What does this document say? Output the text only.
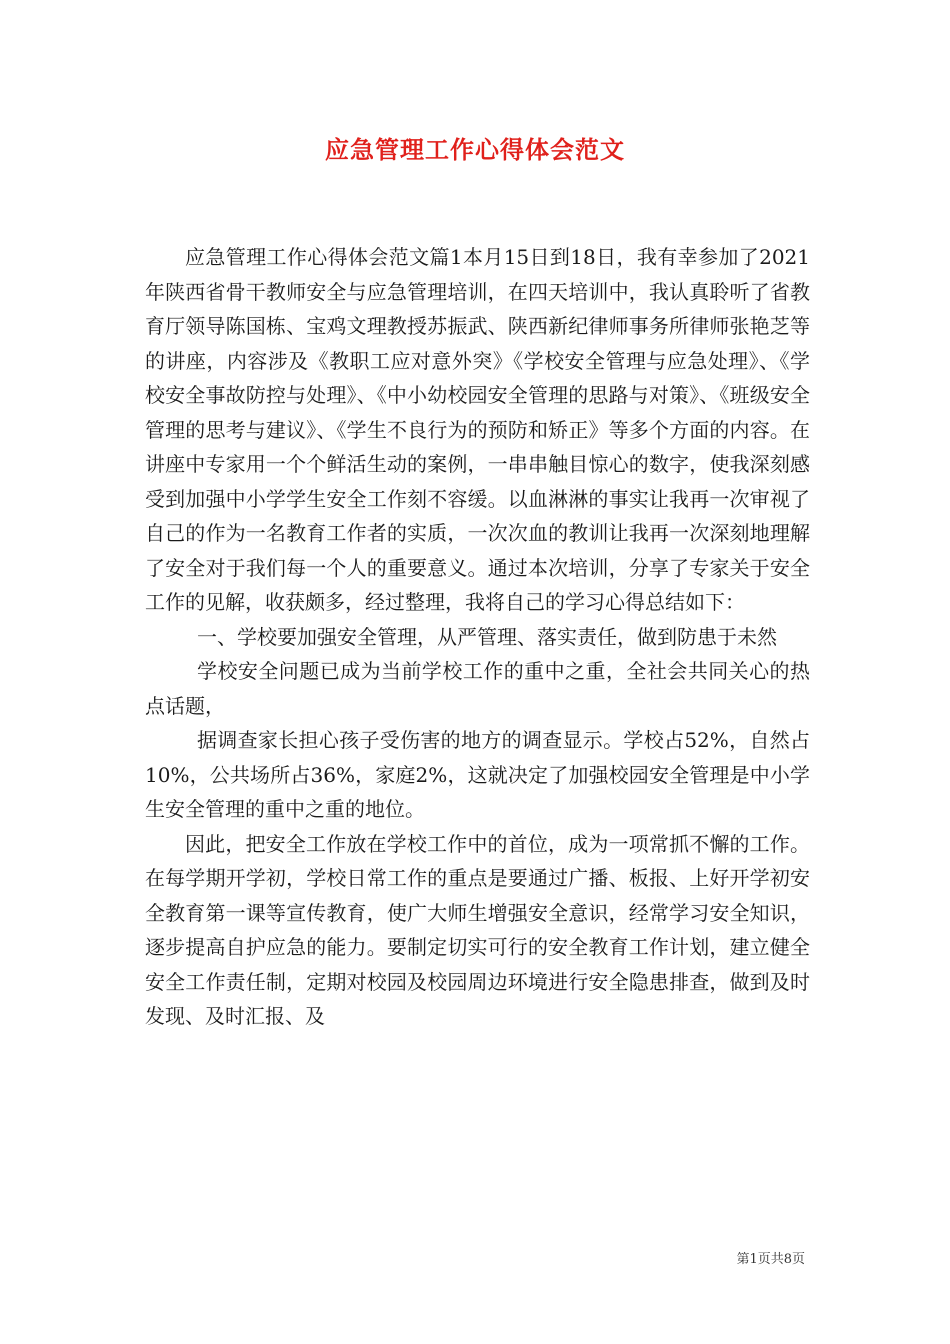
应急管理工作心得体会范文

应急管理工作心得体会范文篇1本月15日到18日，我有幸参加了2021年陕西省骨干教师安全与应急管理培训，在四天培训中，我认真聆听了省教育厅领导陈国栋、宝鸡文理教授苏振武、陕西新纪律师事务所律师张艳芝等的讲座，内容涉及《教职工应对意外突》《学校安全管理与应急处理》、《学校安全事故防控与处理》、《中小幼校园安全管理的思路与对策》、《班级安全管理的思考与建议》、《学生不良行为的预防和矫正》等多个方面的内容。在讲座中专家用一个个鲜活生动的案例，一串串触目惊心的数字，使我深刻感受到加强中小学学生安全工作刻不容缓。以血淋淋的事实让我再一次审视了自己的作为一名教育工作者的实质，一次次血的教训让我再一次深刻地理解了安全对于我们每一个人的重要意义。通过本次培训，分享了专家关于安全工作的见解，收获颇多，经过整理，我将自己的学习心得总结如下：

一、学校要加强安全管理，从严管理、落实责任，做到防患于未然

学校安全问题已成为当前学校工作的重中之重，全社会共同关心的热点话题，

据调查家长担心孩子受伤害的地方的调查显示。学校占52%，自然占10%，公共场所占36%，家庭2%，这就决定了加强校园安全管理是中小学生安全管理的重中之重的地位。

因此，把安全工作放在学校工作中的首位，成为一项常抓不懈的工作。在每学期开学初，学校日常工作的重点是要通过广播、板报、上好开学初安全教育第一课等宣传教育，使广大师生增强安全意识，经常学习安全知识，逐步提高自护应急的能力。要制定切实可行的安全教育工作计划，建立健全安全工作责任制，定期对校园及校园周边环境进行安全隐患排查，做到及时发现、及时汇报、及

第1页共8页
